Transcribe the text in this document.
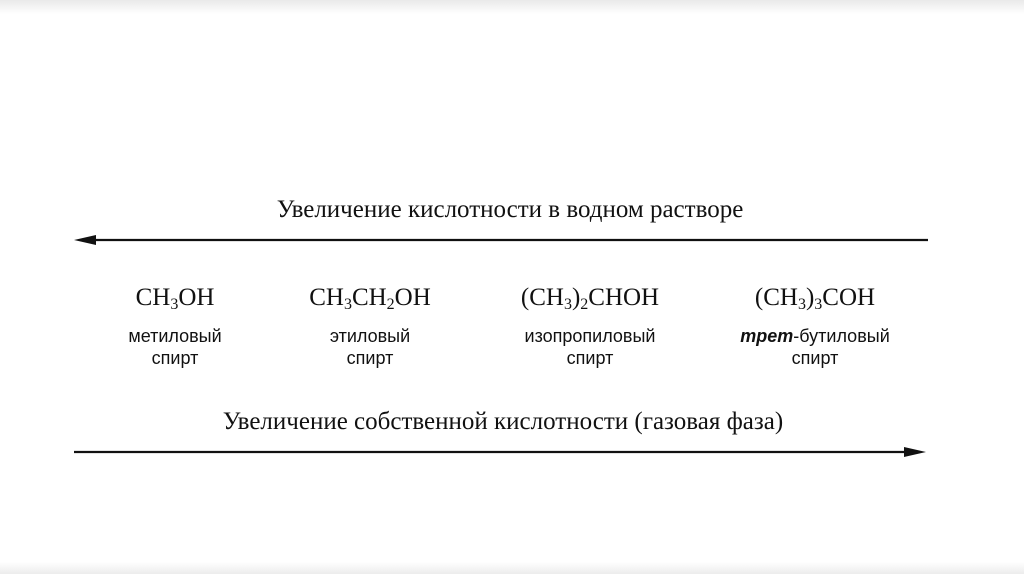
Увеличение кислотности в водном растворе
$CH_3OH$
метиловый
спирт
$CH_3CH_2OH$
этиловый
спирт
$(CH_3)_2CHOH$
изопропиловый
спирт
$(CH_3)_3COH$
трет-бутиловый
спирт
Увеличение собственной кислотности (газовая фаза)
